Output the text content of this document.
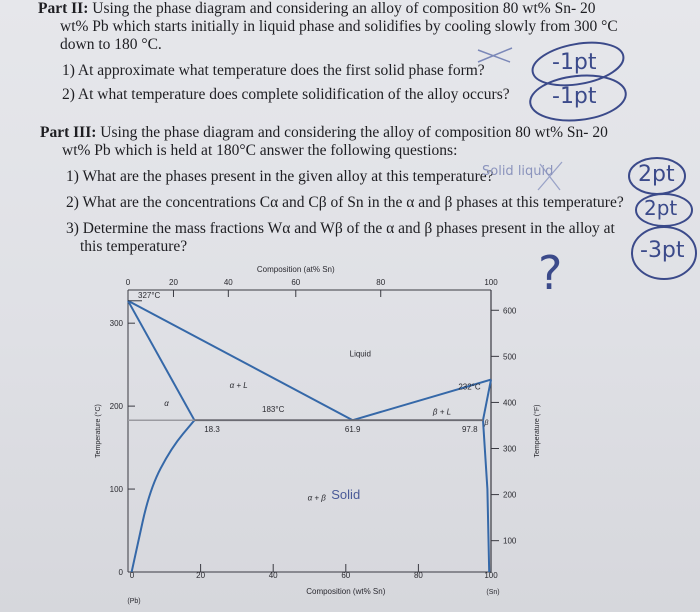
Part II: Using the phase diagram and considering an alloy of composition 80 wt% Sn- 20
wt% Pb which starts initially in liquid phase and solidifies by cooling slowly from 300 °C
down to 180 °C.
1) At approximate what temperature does the first solid phase form?
2) At what temperature does complete solidification of the alloy occurs?
Part III: Using the phase diagram and considering the alloy of composition 80 wt% Sn- 20
wt% Pb which is held at 180°C answer the following questions:
1) What are the phases present in the given alloy at this temperature?
2) What are the concentrations Cα and Cβ of Sn in the α and β phases at this temperature?
3) Determine the mass fractions Wα and Wβ of the α and β phases present in the alloy at
this temperature?
-1pt
-1pt
Solid liquid	2pt
2pt
-3pt
?
0	20	40	60	80	100
Composition (at% Sn)
0	20	40	60	80	100
Composition (wt% Sn)
(Pb)
(Sn)
0
100
200
300
Temperature (°C)
100
200
300
400
500
600
Temperature (°F)
327°C
232°C
183°C
18.3	61.9	97.8
Liquid
α + L
β + L
α + β
α
β
Solid
